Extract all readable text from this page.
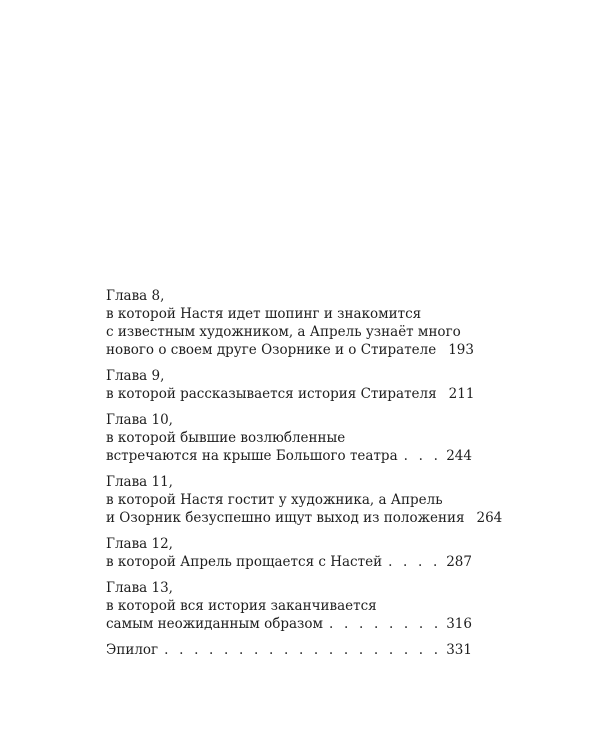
Глава 8,
в которой Настя идет шопинг и знакомится
с известным художником, а Апрель узнаёт много
нового о своем друге Озорнике и о Стирателе 193
Глава 9,
в которой рассказывается история Стирателя 211
Глава 10,
в которой бывшие возлюбленные
встречаются на крыше Большого театра . . .	244
Глава 11,
в которой Настя гостит у художника, а Апрель
и Озорник безуспешно ищут выход из положения 264
Глава 12,
в которой Апрель прощается с Настей . . .	287
Глава 13,
в которой вся история заканчивается
самым неожиданным образом . . .	316
Эпилог . . .	331
